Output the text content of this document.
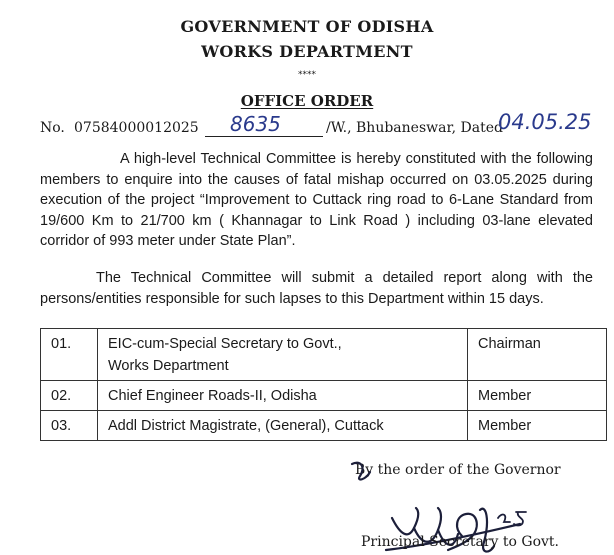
GOVERNMENT OF ODISHA
WORKS DEPARTMENT
****
OFFICE ORDER
No. 07584000012025 8635	/W., Bhubaneswar, Dated
04.05.25

A high-level Technical Committee is hereby constituted with the following members to enquire into the causes of fatal mishap occurred on 03.05.2025 during execution of the project “Improvement to Cuttack ring road to 6-Lane Standard from 19/600 Km to 21/700 km ( Khannagar to Link Road ) including 03-lane elevated corridor of 993 meter under State Plan”.

The Technical Committee will submit a detailed report along with the persons/entities responsible for such lapses to this Department within 15 days.

01.	EIC-cum-Special Secretary to Govt.,
Works Department	Chairman
02.	Chief Engineer Roads-II, Odisha	Member
03.	Addl District Magistrate, (General), Cuttack	Member
By the order of the Governor
Principal Secretary to Govt.
